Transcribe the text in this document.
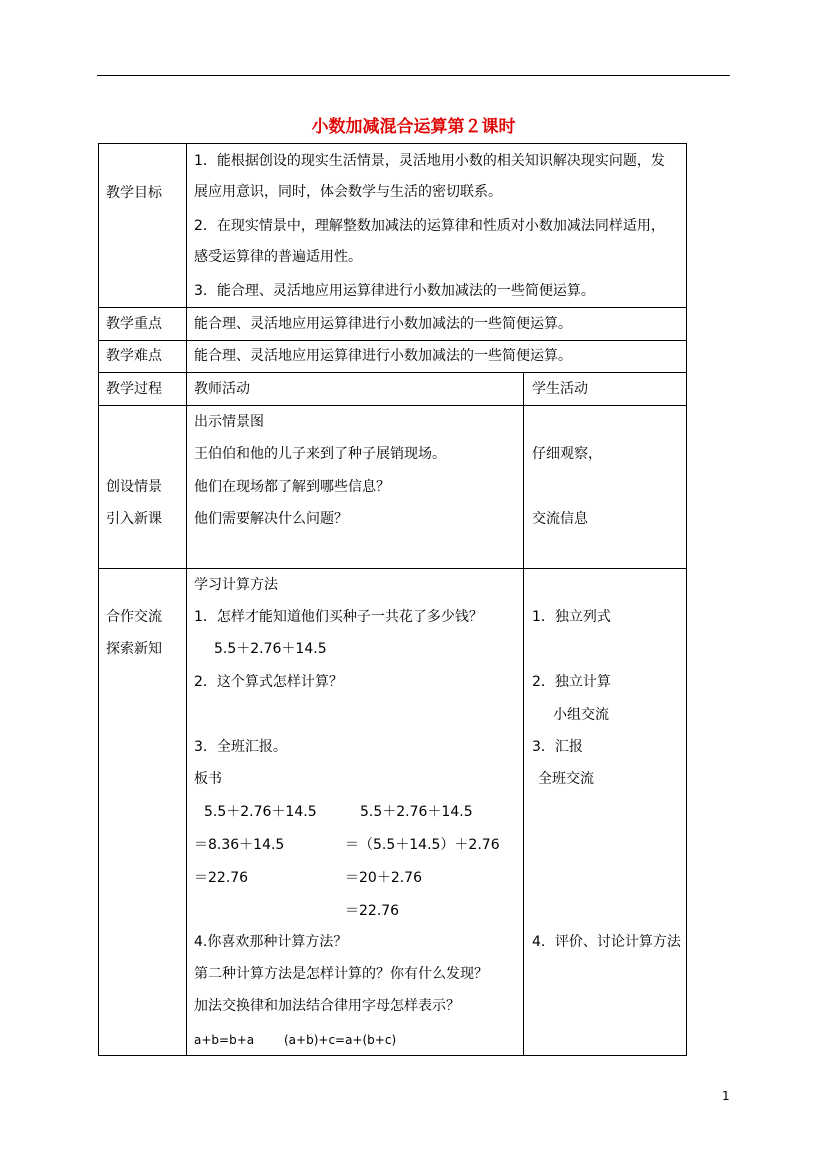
小数加减混合运算第２课时
教学目标
1．能根据创设的现实生活情景，灵活地用小数的相关知识解决现实问题，发
展应用意识，同时，体会数学与生活的密切联系。
2．在现实情景中，理解整数加减法的运算律和性质对小数加减法同样适用，
感受运算律的普遍适用性。
3．能合理、灵活地应用运算律进行小数加减法的一些简便运算。
教学重点 能合理、灵活地应用运算律进行小数加减法的一些简便运算。
教学难点 能合理、灵活地应用运算律进行小数加减法的一些简便运算。
教学过程 教师活动	学生活动
创设情景
引入新课
出示情景图
王伯伯和他的儿子来到了种子展销现场。
他们在现场都了解到哪些信息？
他们需要解决什么问题？
仔细观察，
交流信息
合作交流
探索新知
学习计算方法
1．怎样才能知道他们买种子一共花了多少钱？
5.5＋2.76＋14.5
2．这个算式怎样计算？
3．全班汇报。
板书
5.5＋2.76＋14.5
＝8.36＋14.5
＝22.76
5.5＋2.76＋14.5
＝（5.5＋14.5）＋2.76
＝20＋2.76
＝22.76
4.你喜欢那种计算方法？
第二种计算方法是怎样计算的？你有什么发现？
加法交换律和加法结合律用字母怎样表示？
a+b=b+a (a+b)+c=a+(b+c)
1．独立列式
2．独立计算
小组交流
3．汇报
全班交流
4．评价、讨论计算方法
1
